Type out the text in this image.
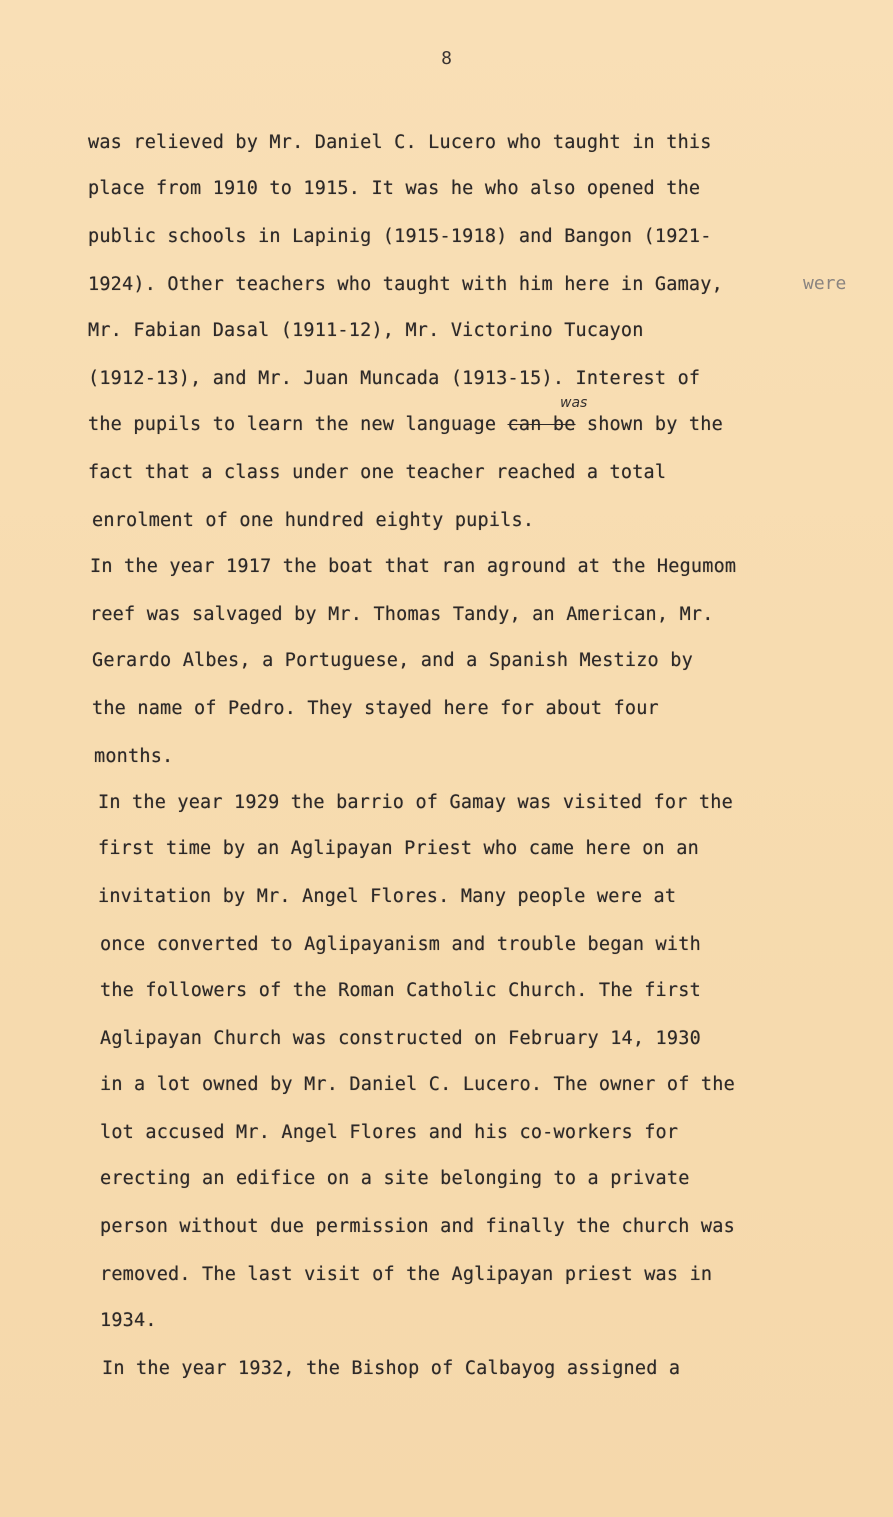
8
was relieved by Mr. Daniel C. Lucero who taught in this
place from 1910 to 1915. It was he who also opened the
public schools in Lapinig (1915-1918) and Bangon (1921-
1924). Other teachers who taught with him here in Gamay,	were
Mr. Fabian Dasal (1911-12), Mr. Victorino Tucayon
(1912-13), and Mr. Juan Muncada (1913-15). Interest of
was
the pupils to learn the new language can be shown by the
fact that a class under one teacher reached a total
enrolment of one hundred eighty pupils.
In the year 1917 the boat that ran aground at the Hegumom
reef was salvaged by Mr. Thomas Tandy, an American, Mr.
Gerardo Albes, a Portuguese, and a Spanish Mestizo by
the name of Pedro. They stayed here for about four
months.
In the year 1929 the barrio of Gamay was visited for the
first time by an Aglipayan Priest who came here on an
invitation by Mr. Angel Flores. Many people were at
once converted to Aglipayanism and trouble began with
the followers of the Roman Catholic Church. The first
Aglipayan Church was constructed on February 14, 1930
in a lot owned by Mr. Daniel C. Lucero. The owner of the
lot accused Mr. Angel Flores and his co-workers for
erecting an edifice on a site belonging to a private
person without due permission and finally the church was
removed. The last visit of the Aglipayan priest was in
1934.
In the year 1932, the Bishop of Calbayog assigned a
